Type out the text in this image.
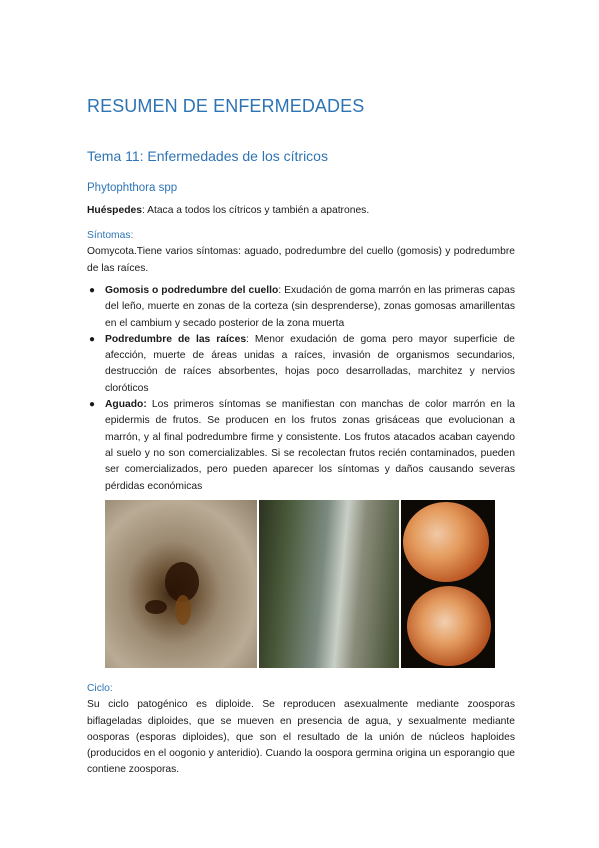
RESUMEN DE ENFERMEDADES
Tema 11: Enfermedades de los cítricos
Phytophthora spp
Huéspedes: Ataca a todos los cítricos y también a apatrones.
Síntomas:
Oomycota.Tiene varios síntomas: aguado, podredumbre del cuello (gomosis) y podredumbre de las raíces.
● Gomosis o podredumbre del cuello: Exudación de goma marrón en las primeras capas del leño, muerte en zonas de la corteza (sin desprenderse), zonas gomosas amarillentas en el cambium y secado posterior de la zona muerta
● Podredumbre de las raíces: Menor exudación de goma pero mayor superficie de afección, muerte de áreas unidas a raíces, invasión de organismos secundarios, destrucción de raíces absorbentes, hojas poco desarrolladas, marchitez y nervios cloróticos
● Aguado: Los primeros síntomas se manifiestan con manchas de color marrón en la epidermis de frutos. Se producen en los frutos zonas grisáceas que evolucionan a marrón, y al final podredumbre firme y consistente. Los frutos atacados acaban cayendo al suelo y no son comercializables. Si se recolectan frutos recién contaminados, pueden ser comercializados, pero pueden aparecer los síntomas y daños causando severas pérdidas económicas
Ciclo:
Su ciclo patogénico es diploide. Se reproducen asexualmente mediante zoosporas biflageladas diploides, que se mueven en presencia de agua, y sexualmente mediante oosporas (esporas diploides), que son el resultado de la unión de núcleos haploides (producidos en el oogonio y anteridio). Cuando la oospora germina origina un esporangio que contiene zoosporas.
